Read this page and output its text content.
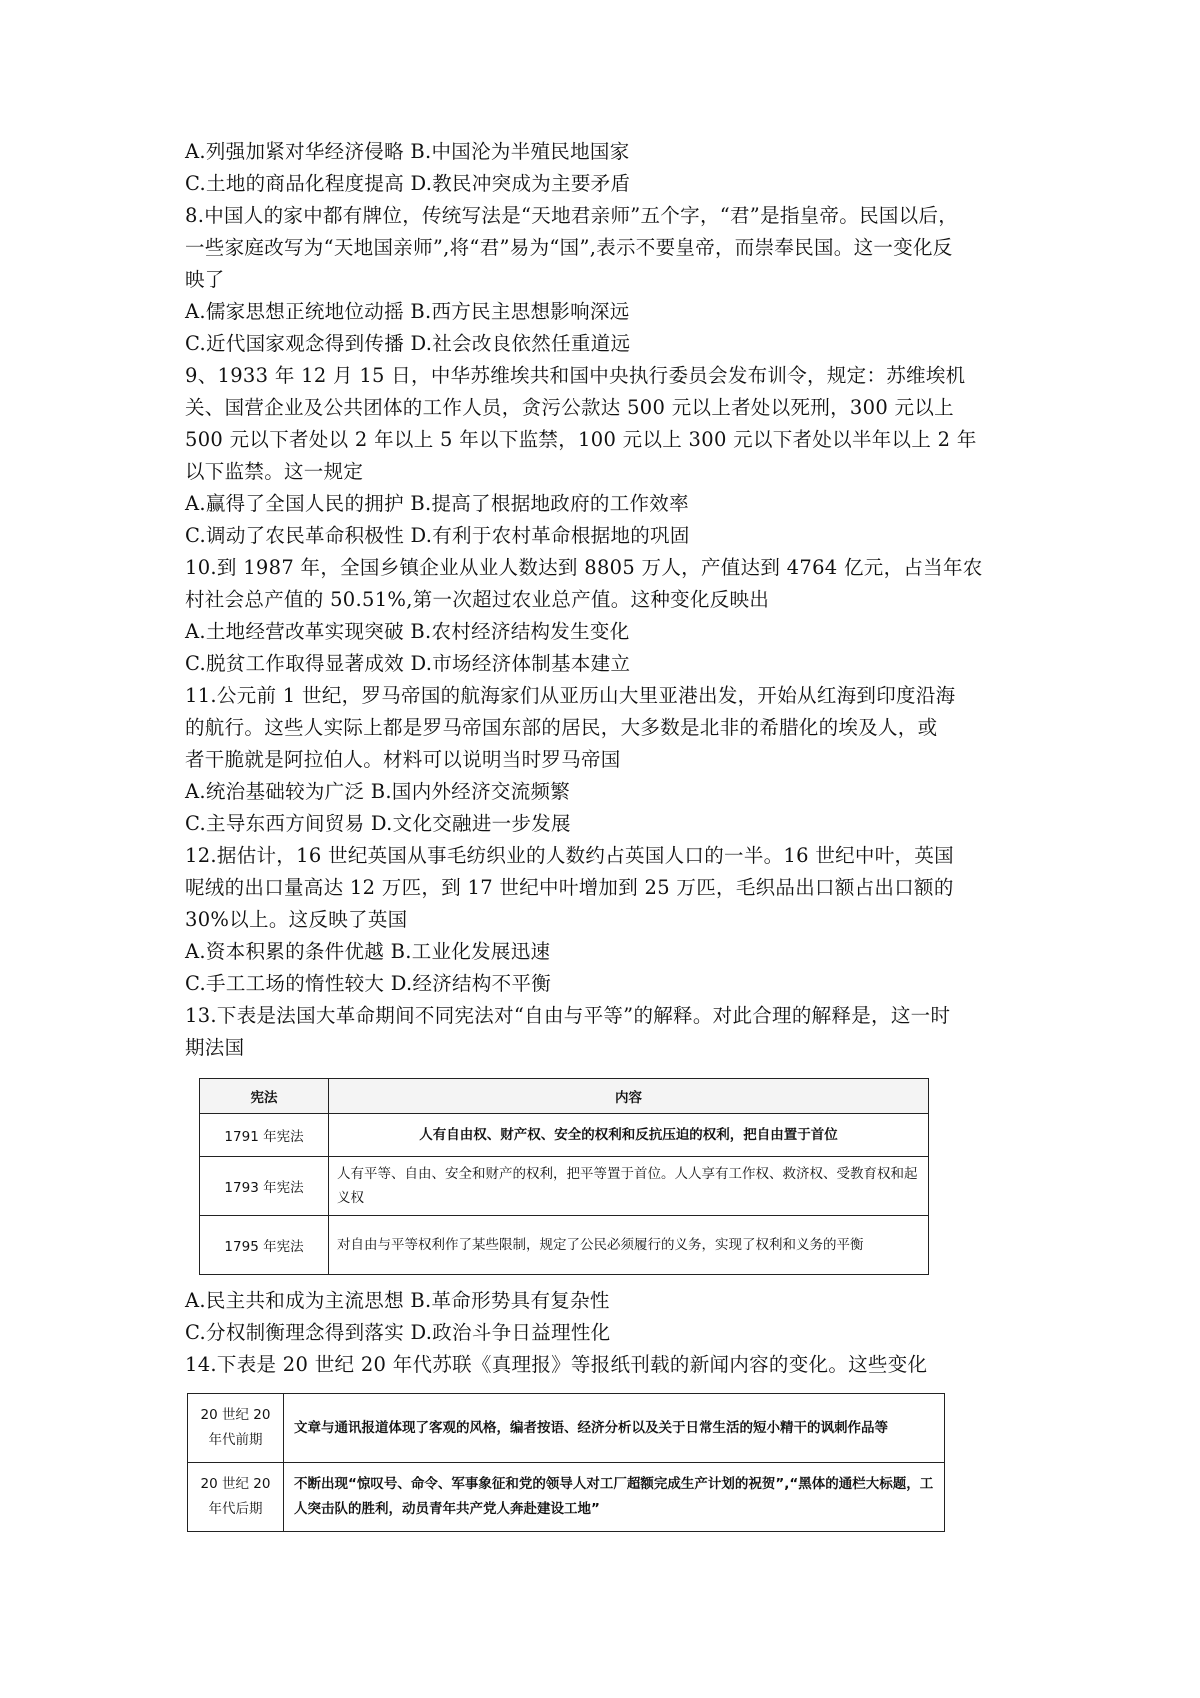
A.列强加紧对华经济侵略 B.中国沦为半殖民地国家
C.土地的商品化程度提高 D.教民冲突成为主要矛盾
8.中国人的家中都有牌位，传统写法是“天地君亲师”五个字，“君”是指皇帝。民国以后，
一些家庭改写为“天地国亲师”,将“君”易为“国”,表示不要皇帝，而崇奉民国。这一变化反
映了
A.儒家思想正统地位动摇 B.西方民主思想影响深远
C.近代国家观念得到传播 D.社会改良依然任重道远
9、1933 年 12 月 15 日，中华苏维埃共和国中央执行委员会发布训令，规定：苏维埃机
关、国营企业及公共团体的工作人员，贪污公款达 500 元以上者处以死刑，300 元以上
500 元以下者处以 2 年以上 5 年以下监禁，100 元以上 300 元以下者处以半年以上 2 年
以下监禁。这一规定
A.赢得了全国人民的拥护 B.提高了根据地政府的工作效率
C.调动了农民革命积极性 D.有利于农村革命根据地的巩固
10.到 1987 年，全国乡镇企业从业人数达到 8805 万人，产值达到 4764 亿元，占当年农
村社会总产值的 50.51%,第一次超过农业总产值。这种变化反映出
A.土地经营改革实现突破 B.农村经济结构发生变化
C.脱贫工作取得显著成效 D.市场经济体制基本建立
11.公元前 1 世纪，罗马帝国的航海家们从亚历山大里亚港出发，开始从红海到印度沿海
的航行。这些人实际上都是罗马帝国东部的居民，大多数是北非的希腊化的埃及人，或
者干脆就是阿拉伯人。材料可以说明当时罗马帝国
A.统治基础较为广泛 B.国内外经济交流频繁
C.主导东西方间贸易 D.文化交融进一步发展
12.据估计，16 世纪英国从事毛纺织业的人数约占英国人口的一半。16 世纪中叶，英国
呢绒的出口量高达 12 万匹，到 17 世纪中叶增加到 25 万匹，毛织品出口额占出口额的
30%以上。这反映了英国
A.资本积累的条件优越 B.工业化发展迅速
C.手工工场的惰性较大 D.经济结构不平衡
13.下表是法国大革命期间不同宪法对“自由与平等”的解释。对此合理的解释是，这一时
期法国
宪法	内容
1791 年宪法	人有自由权、财产权、安全的权利和反抗压迫的权利，把自由置于首位
1793 年宪法	人有平等、自由、安全和财产的权利，把平等置于首位。人人享有工作权、救济权、受教育权和起义权
1795 年宪法	对自由与平等权利作了某些限制，规定了公民必须履行的义务，实现了权利和义务的平衡
A.民主共和成为主流思想 B.革命形势具有复杂性
C.分权制衡理念得到落实 D.政治斗争日益理性化
14.下表是 20 世纪 20 年代苏联《真理报》等报纸刊载的新闻内容的变化。这些变化
20 世纪 20 年代前期	文章与通讯报道体现了客观的风格，编者按语、经济分析以及关于日常生活的短小精干的讽刺作品等
20 世纪 20 年代后期	不断出现“惊叹号、命令、军事象征和党的领导人对工厂超额完成生产计划的祝贺”,“黑体的通栏大标题，工人突击队的胜利，动员青年共产党人奔赴建设工地”
